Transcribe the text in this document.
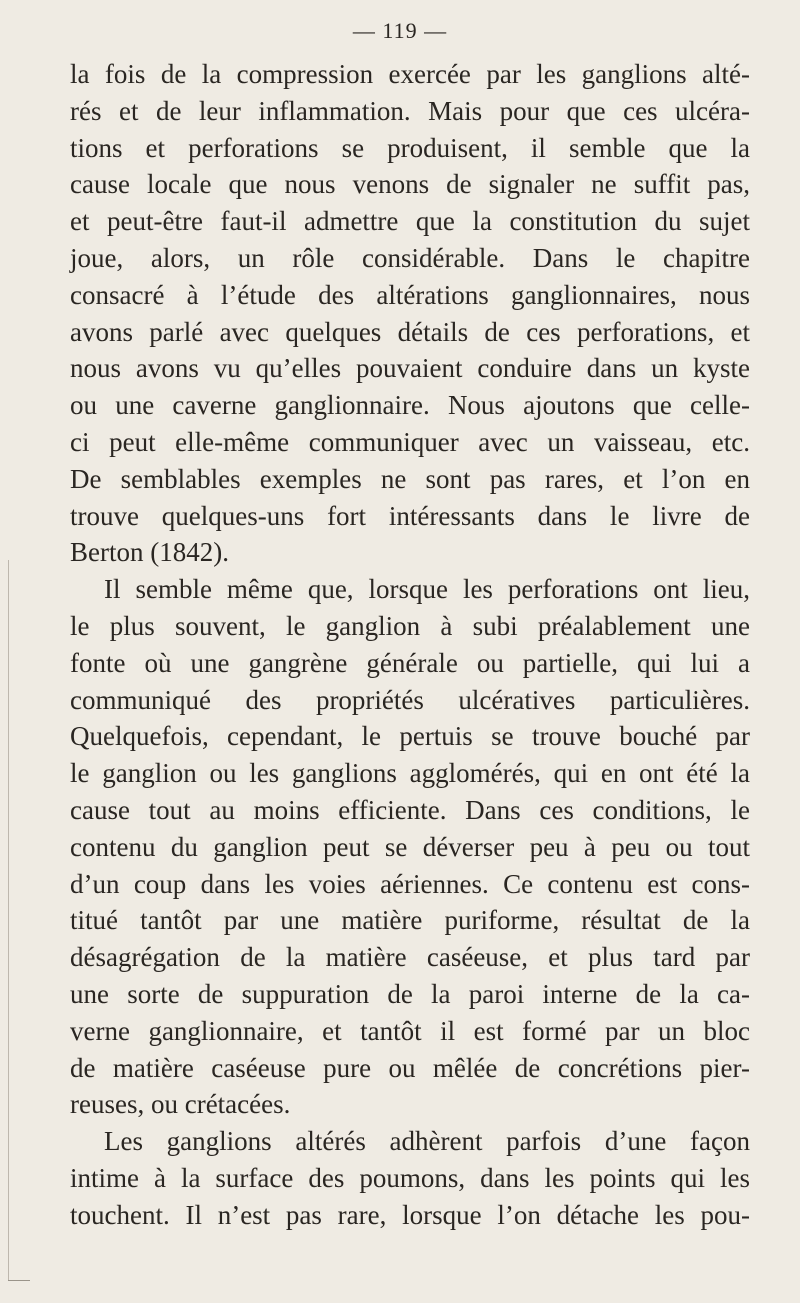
— 119 —
la fois de la compression exercée par les ganglions alté-
rés et de leur inflammation. Mais pour que ces ulcéra-
tions et perforations se produisent, il semble que la
cause locale que nous venons de signaler ne suffit pas,
et peut-être faut-il admettre que la constitution du sujet
joue, alors, un rôle considérable. Dans le chapitre
consacré à l’étude des altérations ganglionnaires, nous
avons parlé avec quelques détails de ces perforations, et
nous avons vu qu’elles pouvaient conduire dans un kyste
ou une caverne ganglionnaire. Nous ajoutons que celle-
ci peut elle-même communiquer avec un vaisseau, etc.
De semblables exemples ne sont pas rares, et l’on en
trouve quelques-uns fort intéressants dans le livre de
Berton (1842).
Il semble même que, lorsque les perforations ont lieu,
le plus souvent, le ganglion à subi préalablement une
fonte où une gangrène générale ou partielle, qui lui a
communiqué des propriétés ulcératives particulières.
Quelquefois, cependant, le pertuis se trouve bouché par
le ganglion ou les ganglions agglomérés, qui en ont été la
cause tout au moins efficiente. Dans ces conditions, le
contenu du ganglion peut se déverser peu à peu ou tout
d’un coup dans les voies aériennes. Ce contenu est cons-
titué tantôt par une matière puriforme, résultat de la
désagrégation de la matière caséeuse, et plus tard par
une sorte de suppuration de la paroi interne de la ca-
verne ganglionnaire, et tantôt il est formé par un bloc
de matière caséeuse pure ou mêlée de concrétions pier-
reuses, ou crétacées.
Les ganglions altérés adhèrent parfois d’une façon
intime à la surface des poumons, dans les points qui les
touchent. Il n’est pas rare, lorsque l’on détache les pou-
